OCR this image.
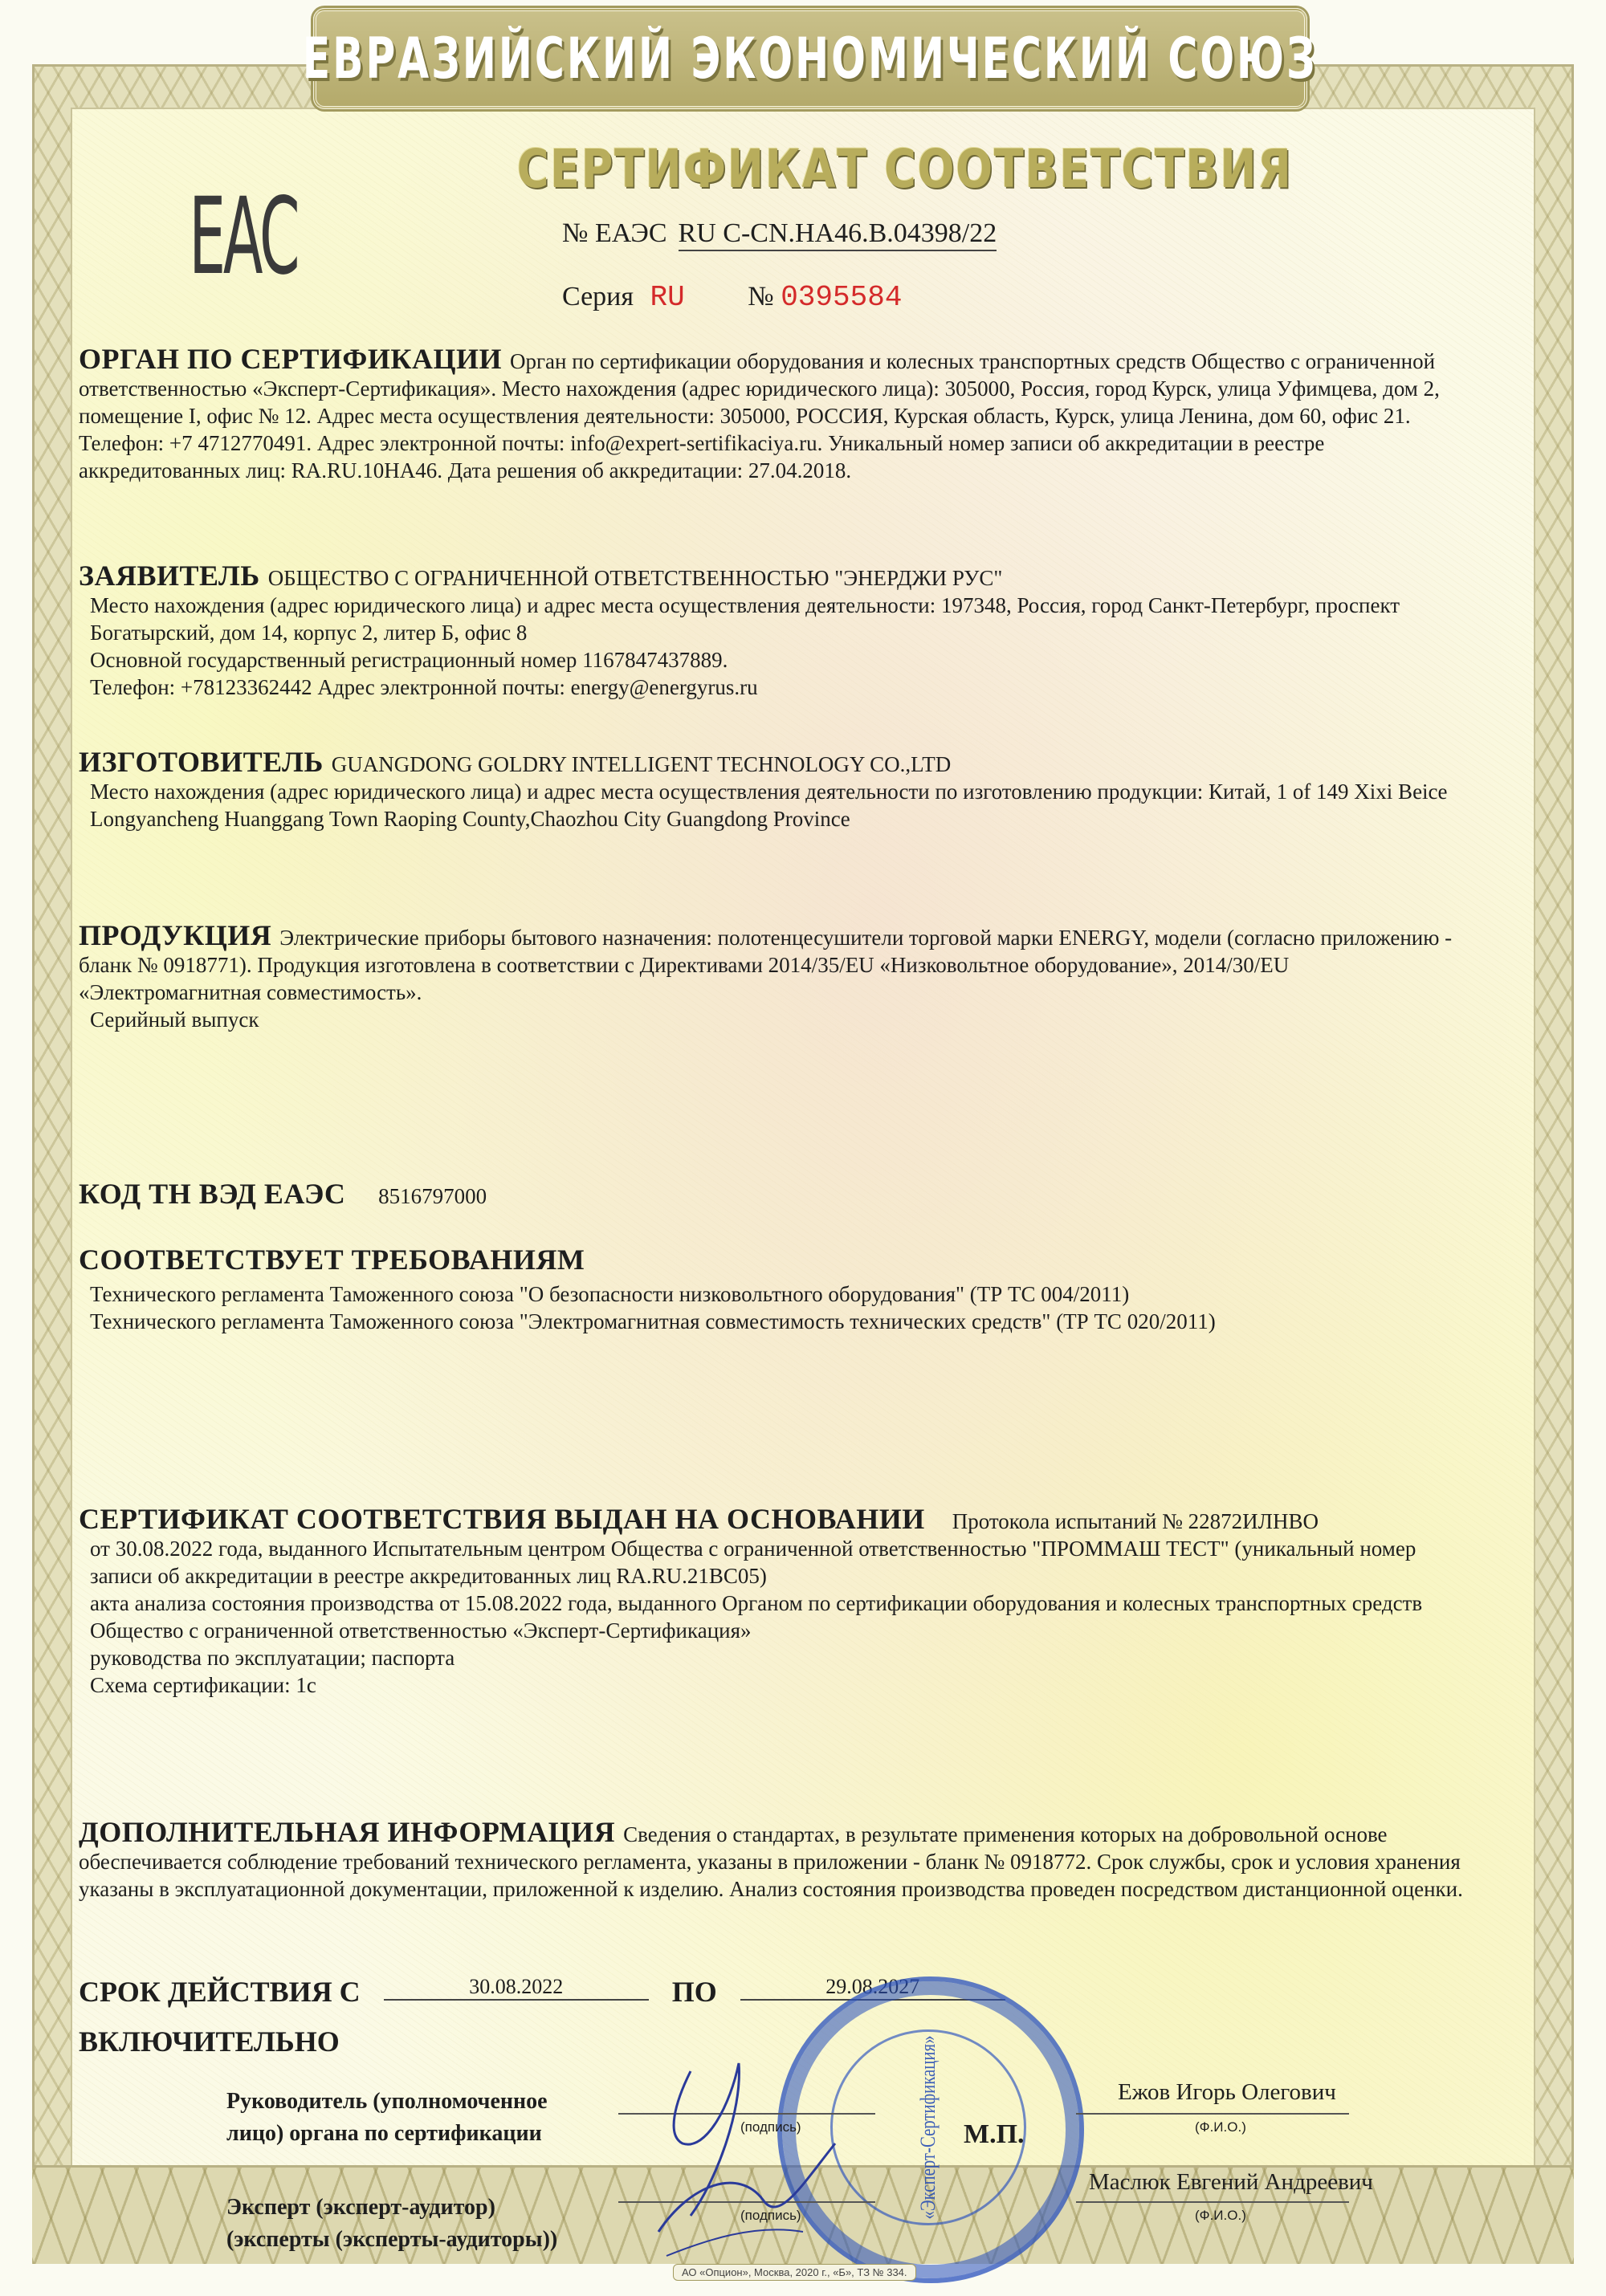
ЕВРАЗИЙСКИЙ ЭКОНОМИЧЕСКИЙ СОЮЗ
СЕРТИФИКАТ СООТВЕТСТВИЯ
EAC	№ ЕАЭС RU C-CN.НА46.В.04398/22
Серия RU № 0395584
ОРГАН ПО СЕРТИФИКАЦИИ Орган по сертификации оборудования и колесных транспортных средств Общество с ограниченной ответственностью «Эксперт-Сертификация». Место нахождения (адрес юридического лица): 305000, Россия, город Курск, улица Уфимцева, дом 2, помещение I, офис № 12. Адрес места осуществления деятельности: 305000, РОССИЯ, Курская область, Курск, улица Ленина, дом 60, офис 21. Телефон: +7 4712770491. Адрес электронной почты: info@expert-sertifikaciya.ru. Уникальный номер записи об аккредитации в реестре аккредитованных лиц: RA.RU.10НА46. Дата решения об аккредитации: 27.04.2018.
ЗАЯВИТЕЛЬ ОБЩЕСТВО С ОГРАНИЧЕННОЙ ОТВЕТСТВЕННОСТЬЮ "ЭНЕРДЖИ РУС"
Место нахождения (адрес юридического лица) и адрес места осуществления деятельности: 197348, Россия, город Санкт-Петербург, проспект Богатырский, дом 14, корпус 2, литер Б, офис 8
Основной государственный регистрационный номер 1167847437889.
Телефон: +78123362442 Адрес электронной почты: energy@energyrus.ru
ИЗГОТОВИТЕЛЬ GUANGDONG GOLDRY INTELLIGENT TECHNOLOGY CO.,LTD
Место нахождения (адрес юридического лица) и адрес места осуществления деятельности по изготовлению продукции: Китай, 1 of 149 Xixi Beice Longyancheng Huanggang Town Raoping County,Chaozhou City Guangdong Province
ПРОДУКЦИЯ Электрические приборы бытового назначения: полотенцесушители торговой марки ENERGY, модели (согласно приложению - бланк № 0918771). Продукция изготовлена в соответствии с Директивами 2014/35/EU «Низковольтное оборудование», 2014/30/EU «Электромагнитная совместимость».
Серийный выпуск
КОД ТН ВЭД ЕАЭС 8516797000
СООТВЕТСТВУЕТ ТРЕБОВАНИЯМ
Технического регламента Таможенного союза "О безопасности низковольтного оборудования" (ТР ТС 004/2011)
Технического регламента Таможенного союза "Электромагнитная совместимость технических средств" (ТР ТС 020/2011)
СЕРТИФИКАТ СООТВЕТСТВИЯ ВЫДАН НА ОСНОВАНИИ Протокола испытаний № 22872ИЛНВО
от 30.08.2022 года, выданного Испытательным центром Общества с ограниченной ответственностью "ПРОММАШ ТЕСТ" (уникальный номер записи об аккредитации в реестре аккредитованных лиц RA.RU.21ВС05)
акта анализа состояния производства от 15.08.2022 года, выданного Органом по сертификации оборудования и колесных транспортных средств Общество с ограниченной ответственностью «Эксперт-Сертификация»
руководства по эксплуатации; паспорта
Схема сертификации: 1с
ДОПОЛНИТЕЛЬНАЯ ИНФОРМАЦИЯ Сведения о стандартах, в результате применения которых на добровольной основе обеспечивается соблюдение требований технического регламента, указаны в приложении - бланк № 0918772. Срок службы, срок и условия хранения указаны в эксплуатационной документации, приложенной к изделию. Анализ состояния производства проведен посредством дистанционной оценки.
СРОК ДЕЙСТВИЯ С	30.08.2022	ПО	29.08.2027
ВКЛЮЧИТЕЛЬНО	«Эксперт-Сертификация»
Руководитель (уполномоченное
лицо) органа по сертификации	(подпись)
Ежов Игорь Олегович
(Ф.И.О.)
М.П.
Эксперт (эксперт-аудитор)
(эксперты (эксперты-аудиторы))
(подпись)
Маслюк Евгений Андреевич
(Ф.И.О.)
АО «Опцион», Москва, 2020 г., «Б», ТЗ № 334.
